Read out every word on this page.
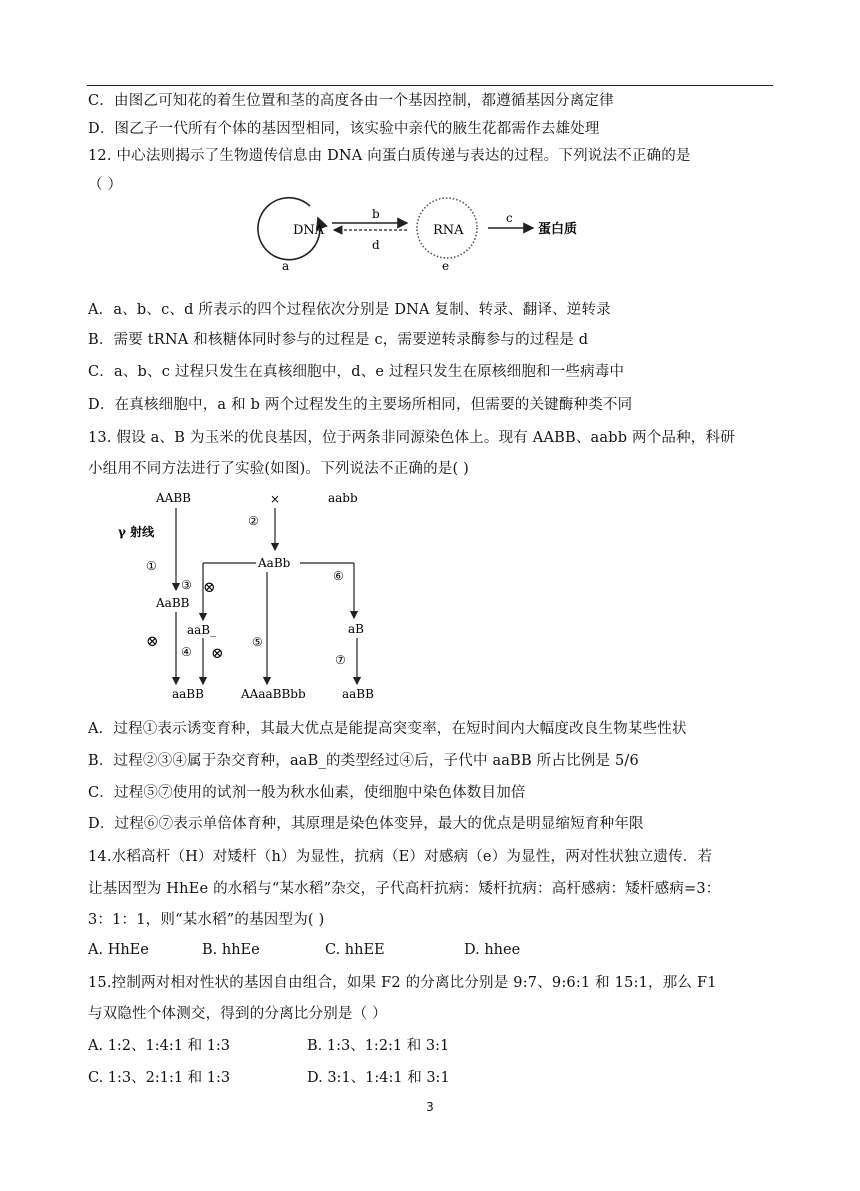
C．由图乙可知花的着生位置和茎的高度各由一个基因控制，都遵循基因分离定律
D．图乙子一代所有个体的基因型相同，该实验中亲代的腋生花都需作去雄处理
12. 中心法则揭示了生物遗传信息由 DNA 向蛋白质传递与表达的过程。下列说法不正确的是
（ ）
DNA
a
b
d
RNA
e
c
蛋白质
A．a、b、c、d 所表示的四个过程依次分别是 DNA 复制、转录、翻译、逆转录
B．需要 tRNA 和核糖体同时参与的过程是 c，需要逆转录酶参与的过程是 d
C．a、b、c 过程只发生在真核细胞中，d、e 过程只发生在原核细胞和一些病毒中
D．在真核细胞中，a 和 b 两个过程发生的主要场所相同，但需要的关键酶种类不同
13. 假设 a、B 为玉米的优良基因，位于两条非同源染色体上。现有 AABB、aabb 两个品种，科研
小组用不同方法进行了实验(如图)。下列说法不正确的是( )
AABB	×	aabb
γ 射线
②
①	AaBb
⑥
③ ⊗
AaBB
aaB_	aB
⊗	⑤
④ ⊗	⑦
aaBB	AAaaBBbb	aaBB
A．过程①表示诱变育种，其最大优点是能提高突变率，在短时间内大幅度改良生物某些性状
B．过程②③④属于杂交育种，aaB_的类型经过④后，子代中 aaBB 所占比例是 5/6
C．过程⑤⑦使用的试剂一般为秋水仙素，使细胞中染色体数目加倍
D．过程⑥⑦表示单倍体育种，其原理是染色体变异，最大的优点是明显缩短育种年限
14.水稻高杆（H）对矮杆（h）为显性，抗病（E）对感病（e）为显性，两对性状独立遗传．若
让基因型为 HhEe 的水稻与“某水稻”杂交，子代高杆抗病：矮杆抗病：高杆感病：矮杆感病=3：
3：1：1，则“某水稻”的基因型为( )
A. HhEe	B. hhEe	C. hhEE	D. hhee
15.控制两对相对性状的基因自由组合，如果 F2 的分离比分别是 9:7、9:6:1 和 15:1，那么 F1
与双隐性个体测交，得到的分离比分别是（ ）
A. 1:2、1:4:1 和 1:3	B. 1:3、1:2:1 和 3:1
C. 1:3、2:1:1 和 1:3	D. 3:1、1:4:1 和 3:1
3
